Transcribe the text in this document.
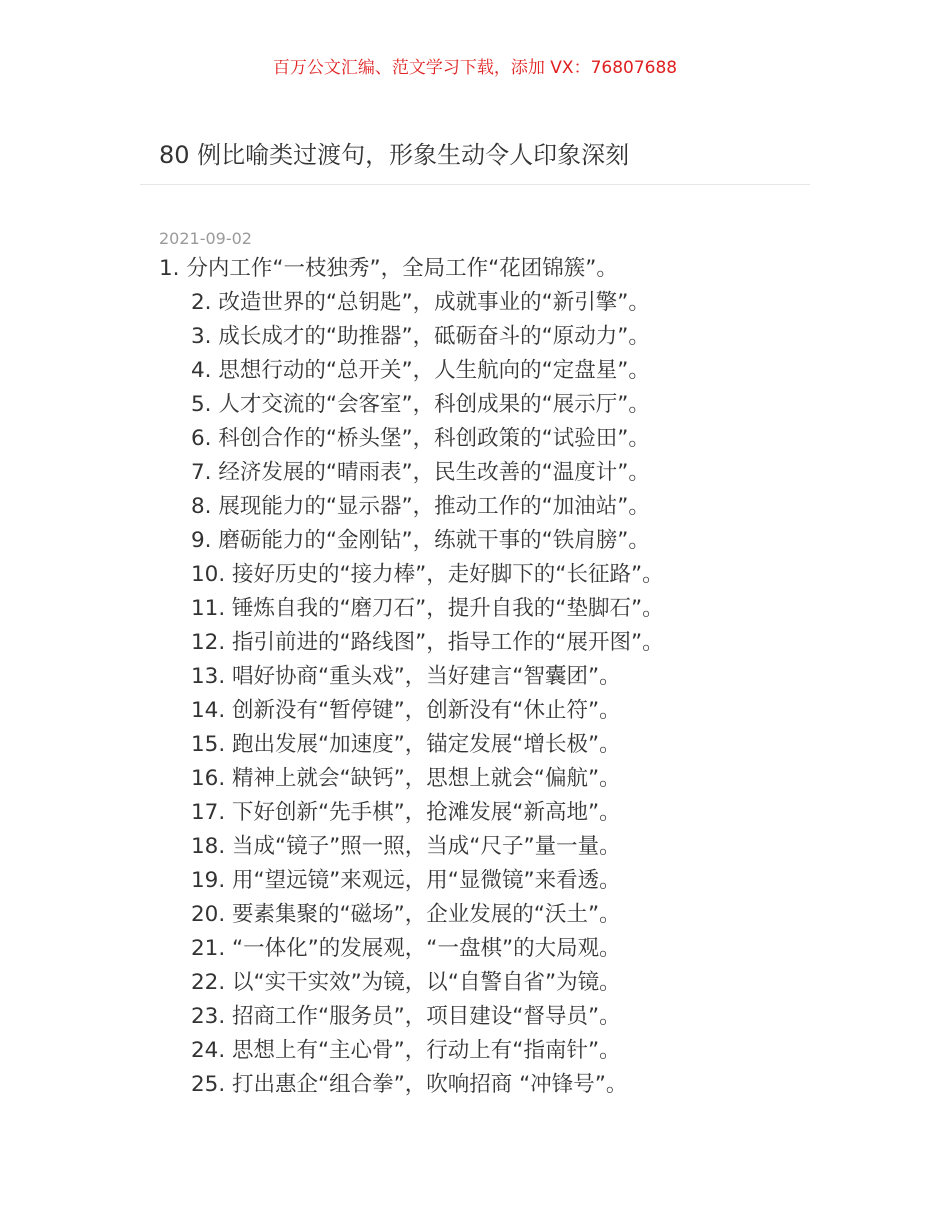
百万公文汇编、范文学习下载，添加 VX：76807688
80 例比喻类过渡句，形象生动令人印象深刻
2021-09-02
1. 分内工作“一枝独秀”，全局工作“花团锦簇”。
2. 改造世界的“总钥匙”，成就事业的“新引擎”。
3. 成长成才的“助推器”，砥砺奋斗的“原动力”。
4. 思想行动的“总开关”，人生航向的“定盘星”。
5. 人才交流的“会客室”，科创成果的“展示厅”。
6. 科创合作的“桥头堡”，科创政策的“试验田”。
7. 经济发展的“晴雨表”，民生改善的“温度计”。
8. 展现能力的“显示器”，推动工作的“加油站”。
9. 磨砺能力的“金刚钻”，练就干事的“铁肩膀”。
10. 接好历史的“接力棒”，走好脚下的“长征路”。
11. 锤炼自我的“磨刀石”，提升自我的“垫脚石”。
12. 指引前进的“路线图”，指导工作的“展开图”。
13. 唱好协商“重头戏”，当好建言“智囊团”。
14. 创新没有“暂停键”，创新没有“休止符”。
15. 跑出发展“加速度”，锚定发展“增长极”。
16. 精神上就会“缺钙”，思想上就会“偏航”。
17. 下好创新“先手棋”，抢滩发展“新高地”。
18. 当成“镜子”照一照，当成“尺子”量一量。
19. 用“望远镜”来观远，用“显微镜”来看透。
20. 要素集聚的“磁场”，企业发展的“沃土”。
21. “一体化”的发展观，“一盘棋”的大局观。
22. 以“实干实效”为镜，以“自警自省”为镜。
23. 招商工作“服务员”，项目建设“督导员”。
24. 思想上有“主心骨”，行动上有“指南针”。
25. 打出惠企“组合拳”，吹响招商 “冲锋号”。
